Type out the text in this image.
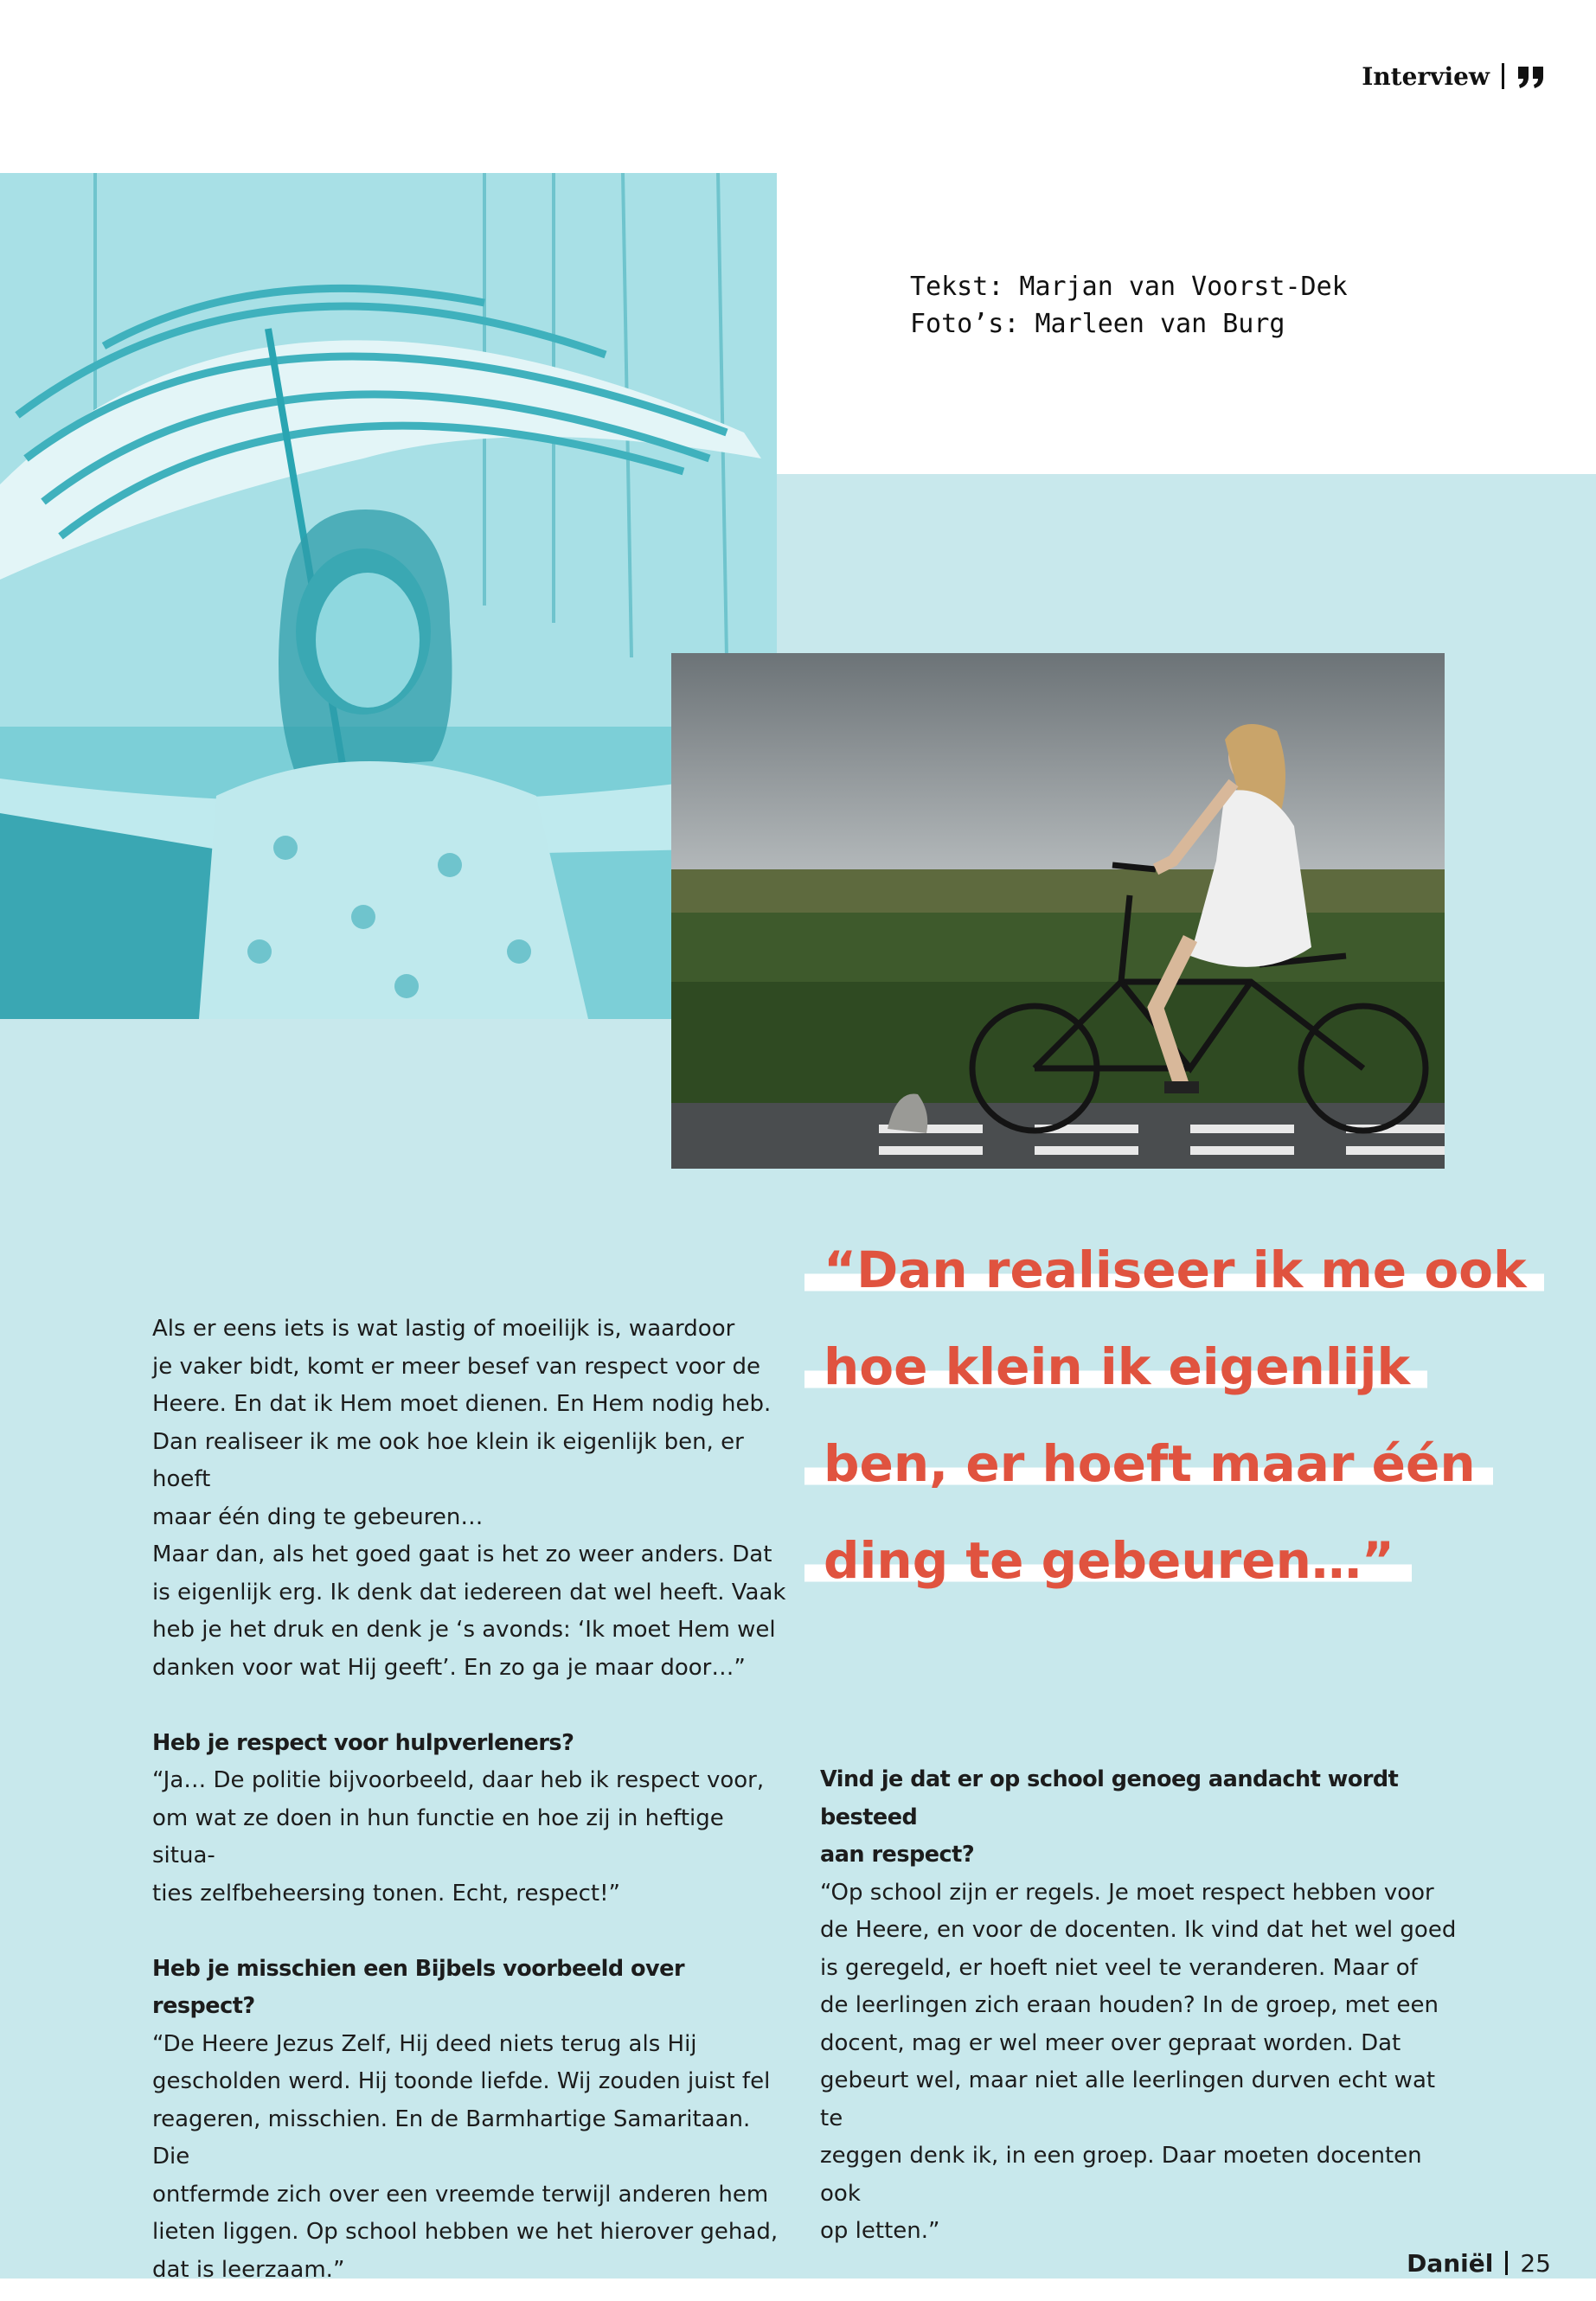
Interview
Tekst: Marjan van Voorst-Dek
Foto’s: Marleen van Burg
“Dan realiseer ik me ook
hoe klein ik eigenlijk
ben, er hoeft maar één
ding te gebeuren…”

Als er eens iets is wat lastig of moeilijk is, waardoor

je vaker bidt, komt er meer besef van respect voor de

Heere. En dat ik Hem moet dienen. En Hem nodig heb.

Dan realiseer ik me ook hoe klein ik eigenlijk ben, er hoeft

maar één ding te gebeuren…

Maar dan, als het goed gaat is het zo weer anders. Dat

is eigenlijk erg. Ik denk dat iedereen dat wel heeft. Vaak

heb je het druk en denk je ‘s avonds: ‘Ik moet Hem wel

danken voor wat Hij geeft’. En zo ga je maar door…”

Heb je respect voor hulpverleners?

“Ja… De politie bijvoorbeeld, daar heb ik respect voor,

om wat ze doen in hun functie en hoe zij in heftige situa-

ties zelfbeheersing tonen. Echt, respect!”

Heb je misschien een Bijbels voorbeeld over respect?

“De Heere Jezus Zelf, Hij deed niets terug als Hij

gescholden werd. Hij toonde liefde. Wij zouden juist fel

reageren, misschien. En de Barmhartige Samaritaan. Die

ontfermde zich over een vreemde terwijl anderen hem

lieten liggen. Op school hebben we het hierover gehad,

dat is leerzaam.”

Vind je dat er op school genoeg aandacht wordt besteed

aan respect?

“Op school zijn er regels. Je moet respect hebben voor

de Heere, en voor de docenten. Ik vind dat het wel goed

is geregeld, er hoeft niet veel te veranderen. Maar of

de leerlingen zich eraan houden? In de groep, met een

docent, mag er wel meer over gepraat worden. Dat

gebeurt wel, maar niet alle leerlingen durven echt wat te

zeggen denk ik, in een groep. Daar moeten docenten ook

op letten.”

Daniël 25
